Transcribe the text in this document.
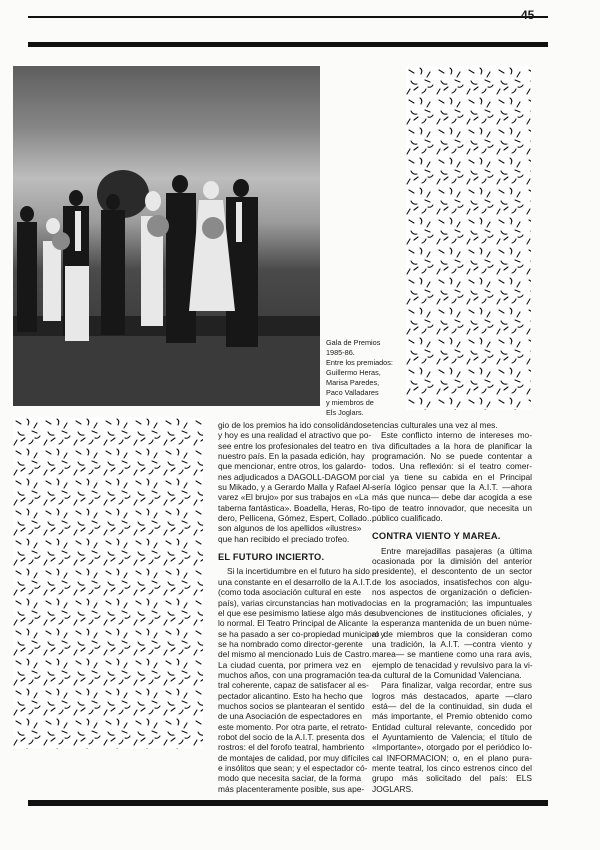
45
Gala de Premios
1985-86.
Entre los premiados:
Guillermo Heras,
Marisa Paredes,
Paco Valladares
y miembros de
Els Joglars.
gio de los premios ha ido consolidándose
y hoy es una realidad el atractivo que po-
see entre los profesionales del teatro en
nuestro país. En la pasada edición, hay
que mencionar, entre otros, los galardo-
nes adjudicados a DAGOLL-DAGOM por
su Mikado, y a Gerardo Malla y Rafael Al-
varez «El brujo» por sus trabajos en «La
taberna fantástica». Boadella, Heras, Ro-
dero, Pellicena, Gómez, Espert, Collado...
son algunos de los apellidos «ilustres»
que han recibido el preciado trofeo.
EL FUTURO INCIERTO.
Si la incertidumbre en el futuro ha sido
una constante en el desarrollo de la A.I.T.
(como toda asociación cultural en este
país), varias circunstancias han motivado
el que ese pesimismo latiese algo más de
lo normal. El Teatro Principal de Alicante
se ha pasado a ser co-propiedad municipal y
se ha nombrado como director-gerente
del mismo al mencionado Luis de Castro.
La ciudad cuenta, por primera vez en
muchos años, con una programación tea-
tral coherente, capaz de satisfacer al es-
pectador alicantino. Esto ha hecho que
muchos socios se plantearan el sentido
de una Asociación de espectadores en
este momento. Por otra parte, el retrato-
robot del socio de la A.I.T. presenta dos
rostros: el del forofo teatral, hambriento
de montajes de calidad, por muy difíciles
e insólitos que sean; y el espectador có-
modo que necesita saciar, de la forma
más placenteramente posible, sus ape-
tencias culturales una vez al mes.
Este conflicto interno de intereses mo-
tiva dificultades a la hora de planificar la
programación. No se puede contentar a
todos. Una reflexión: si el teatro comer-
cial ya tiene su cabida en el Principal
sería lógico pensar que la A.I.T. —ahora
más que nunca— debe dar acogida a ese
tipo de teatro innovador, que necesita un
público cualificado.
CONTRA VIENTO Y MAREA.
Entre marejadillas pasajeras (a última
ocasionada por la dimisión del anterior
presidente), el descontento de un sector
de los asociados, insatisfechos con algu-
nos aspectos de organización o deficien-
cias en la programación; las impuntuales
subvenciones de instituciones oficiales, y
la esperanza mantenida de un buen núme-
ro de miembros que la consideran como
una tradición, la A.I.T. —contra viento y
marea— se mantiene como una rara avis,
ejemplo de tenacidad y revulsivo para la vi-
da cultural de la Comunidad Valenciana.
Para finalizar, valga recordar, entre sus
logros más destacados, aparte —claro
está— del de la continuidad, sin duda el
más importante, el Premio obtenido como
Entidad cultural relevante, concedido por
el Ayuntamiento de Valencia; el título de
«Importante», otorgado por el periódico lo-
cal INFORMACION; o, en el plano pura-
mente teatral, los cinco estrenos cinco del
grupo más solicitado del país: ELS
JOGLARS.
